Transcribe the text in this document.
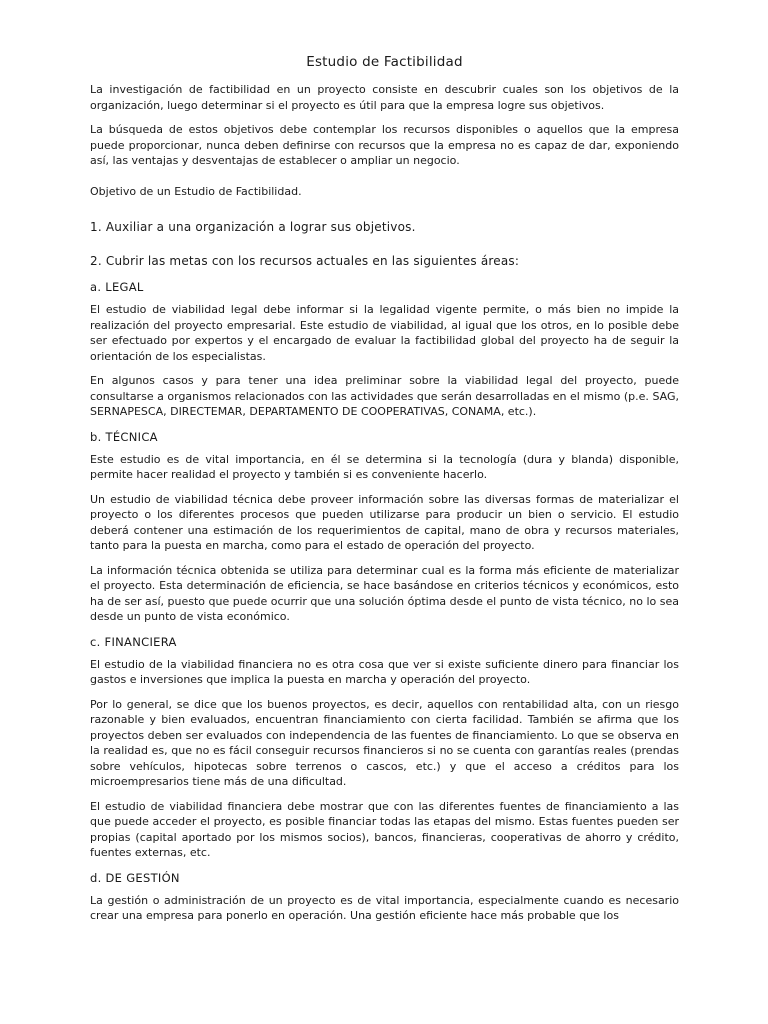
Estudio de Factibilidad

La investigación de factibilidad en un proyecto consiste en descubrir cuales son los objetivos de la organización, luego determinar si el proyecto es útil para que la empresa logre sus objetivos.

La búsqueda de estos objetivos debe contemplar los recursos disponibles o aquellos que la empresa puede proporcionar, nunca deben definirse con recursos que la empresa no es capaz de dar, exponiendo así, las ventajas y desventajas de establecer o ampliar un negocio.

Objetivo de un Estudio de Factibilidad.

1. Auxiliar a una organización a lograr sus objetivos.
2. Cubrir las metas con los recursos actuales en las siguientes áreas:
a. LEGAL

El estudio de viabilidad legal debe informar si la legalidad vigente permite, o más bien no impide la realización del proyecto empresarial. Este estudio de viabilidad, al igual que los otros, en lo posible debe ser efectuado por expertos y el encargado de evaluar la factibilidad global del proyecto ha de seguir la orientación de los especialistas.

En algunos casos y para tener una idea preliminar sobre la viabilidad legal del proyecto, puede consultarse a organismos relacionados con las actividades que serán desarrolladas en el mismo (p.e. SAG, SERNAPESCA, DIRECTEMAR, DEPARTAMENTO DE COOPERATIVAS, CONAMA, etc.).

b. TÉCNICA

Este estudio es de vital importancia, en él se determina si la tecnología (dura y blanda) disponible, permite hacer realidad el proyecto y también si es conveniente hacerlo.

Un estudio de viabilidad técnica debe proveer información sobre las diversas formas de materializar el proyecto o los diferentes procesos que pueden utilizarse para producir un bien o servicio. El estudio deberá contener una estimación de los requerimientos de capital, mano de obra y recursos materiales, tanto para la puesta en marcha, como para el estado de operación del proyecto.

La información técnica obtenida se utiliza para determinar cual es la forma más eficiente de materializar el proyecto. Esta determinación de eficiencia, se hace basándose en criterios técnicos y económicos, esto ha de ser así, puesto que puede ocurrir que una solución óptima desde el punto de vista técnico, no lo sea desde un punto de vista económico.

c. FINANCIERA

El estudio de la viabilidad financiera no es otra cosa que ver si existe suficiente dinero para financiar los gastos e inversiones que implica la puesta en marcha y operación del proyecto.

Por lo general, se dice que los buenos proyectos, es decir, aquellos con rentabilidad alta, con un riesgo razonable y bien evaluados, encuentran financiamiento con cierta facilidad. También se afirma que los proyectos deben ser evaluados con independencia de las fuentes de financiamiento. Lo que se observa en la realidad es, que no es fácil conseguir recursos financieros si no se cuenta con garantías reales (prendas sobre vehículos, hipotecas sobre terrenos o cascos, etc.) y que el acceso a créditos para los microempresarios tiene más de una dificultad.

El estudio de viabilidad financiera debe mostrar que con las diferentes fuentes de financiamiento a las que puede acceder el proyecto, es posible financiar todas las etapas del mismo. Estas fuentes pueden ser propias (capital aportado por los mismos socios), bancos, financieras, cooperativas de ahorro y crédito, fuentes externas, etc.

d. DE GESTIÓN

La gestión o administración de un proyecto es de vital importancia, especialmente cuando es necesario crear una empresa para ponerlo en operación. Una gestión eficiente hace más probable que los
